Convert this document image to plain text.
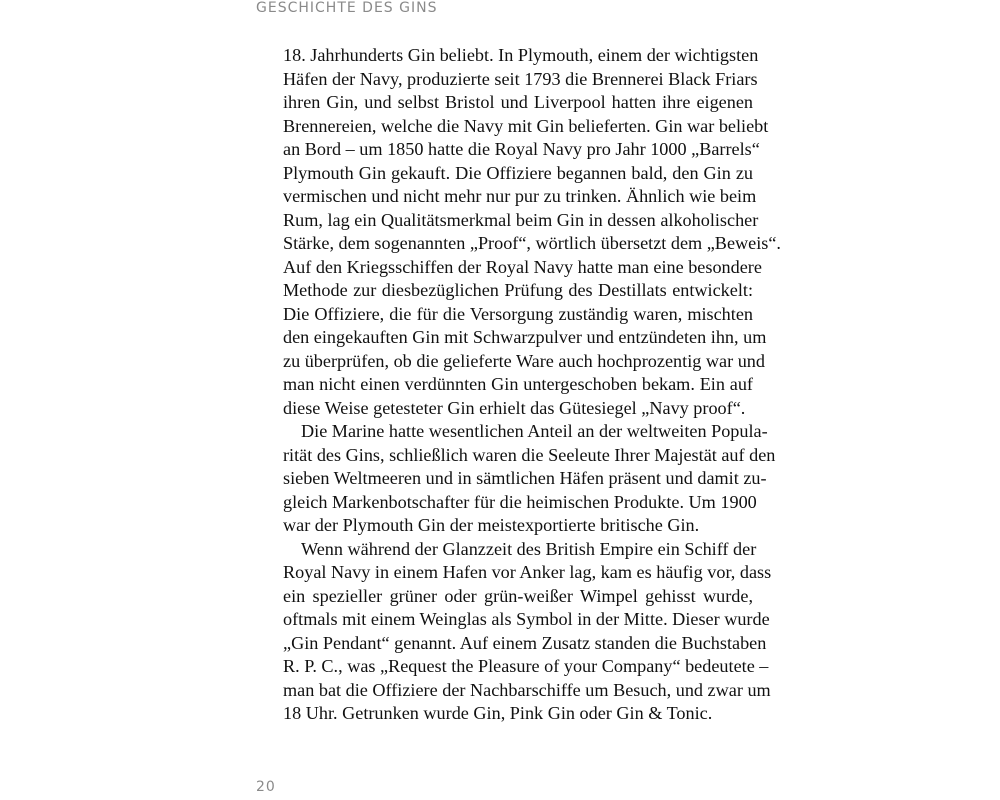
GESCHICHTE DES GINS

18. Jahrhunderts Gin beliebt. In Plymouth, einem der wichtigsten
Häfen der Navy, produzierte seit 1793 die Brennerei Black Friars
ihren Gin, und selbst Bristol und Liverpool hatten ihre eigenen
Brennereien, welche die Navy mit Gin belieferten. Gin war beliebt
an Bord – um 1850 hatte die Royal Navy pro Jahr 1000 „Barrels“
Plymouth Gin gekauft. Die Offiziere begannen bald, den Gin zu
vermischen und nicht mehr nur pur zu trinken. Ähnlich wie beim
Rum, lag ein Qualitätsmerkmal beim Gin in dessen alkoholischer
Stärke, dem sogenannten „Proof“, wörtlich übersetzt dem „Beweis“.
Auf den Kriegsschiffen der Royal Navy hatte man eine besondere
Methode zur diesbezüglichen Prüfung des Destillats entwickelt:
Die Offiziere, die für die Versorgung zuständig waren, mischten
den eingekauften Gin mit Schwarzpulver und entzündeten ihn, um
zu überprüfen, ob die gelieferte Ware auch hochprozentig war und
man nicht einen verdünnten Gin untergeschoben bekam. Ein auf
diese Weise getesteter Gin erhielt das Gütesiegel „Navy proof“.

Die Marine hatte wesentlichen Anteil an der weltweiten Popula-
rität des Gins, schließlich waren die Seeleute Ihrer Majestät auf den
sieben Weltmeeren und in sämtlichen Häfen präsent und damit zu-
gleich Markenbotschafter für die heimischen Produkte. Um 1900
war der Plymouth Gin der meistexportierte britische Gin.

Wenn während der Glanzzeit des British Empire ein Schiff der
Royal Navy in einem Hafen vor Anker lag, kam es häufig vor, dass
ein spezieller grüner oder grün-weißer Wimpel gehisst wurde,
oftmals mit einem Weinglas als Symbol in der Mitte. Dieser wurde
„Gin Pendant“ genannt. Auf einem Zusatz standen die Buchstaben
R. P. C., was „Request the Pleasure of your Company“ bedeutete –
man bat die Offiziere der Nachbarschiffe um Besuch, und zwar um
18 Uhr. Getrunken wurde Gin, Pink Gin oder Gin & Tonic.

20
